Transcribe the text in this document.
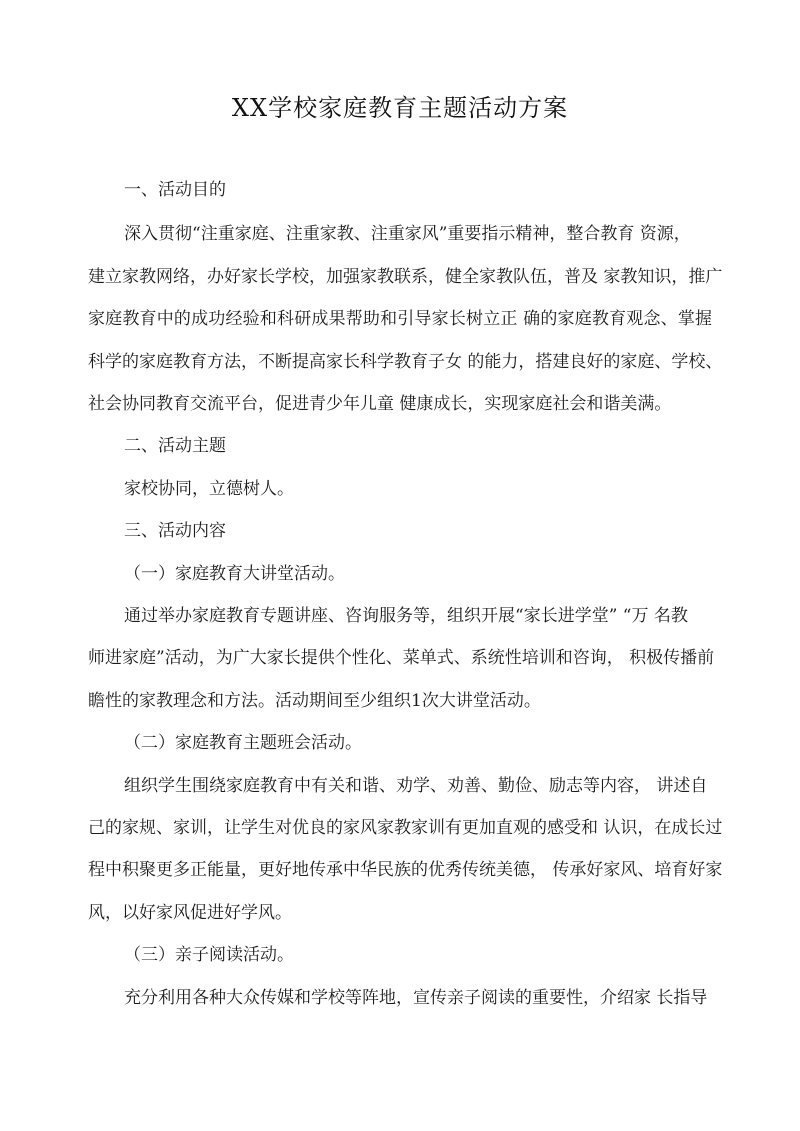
XX学校家庭教育主题活动方案
一、活动目的
深入贯彻“注重家庭、注重家教、注重家风”重要指示精神，整合教育 资源，
建立家教网络，办好家长学校，加强家教联系，健全家教队伍，普及 家教知识，推广
家庭教育中的成功经验和科研成果帮助和引导家长树立正 确的家庭教育观念、掌握
科学的家庭教育方法，不断提高家长科学教育子女 的能力，搭建良好的家庭、学校、
社会协同教育交流平台，促进青少年儿童 健康成长，实现家庭社会和谐美满。
二、活动主题
家校协同，立德树人。
三、活动内容
（一）家庭教育大讲堂活动。
通过举办家庭教育专题讲座、咨询服务等，组织开展“家长进学堂” “万 名教
师进家庭”活动，为广大家长提供个性化、菜单式、系统性培训和咨询， 积极传播前
瞻性的家教理念和方法。活动期间至少组织1次大讲堂活动。
（二）家庭教育主题班会活动。
组织学生围绕家庭教育中有关和谐、劝学、劝善、勤俭、励志等内容， 讲述自
己的家规、家训，让学生对优良的家风家教家训有更加直观的感受和 认识，在成长过
程中积聚更多正能量，更好地传承中华民族的优秀传统美德， 传承好家风、培育好家
风，以好家风促进好学风。
（三）亲子阅读活动。
充分利用各种大众传媒和学校等阵地，宣传亲子阅读的重要性，介绍家 长指导
